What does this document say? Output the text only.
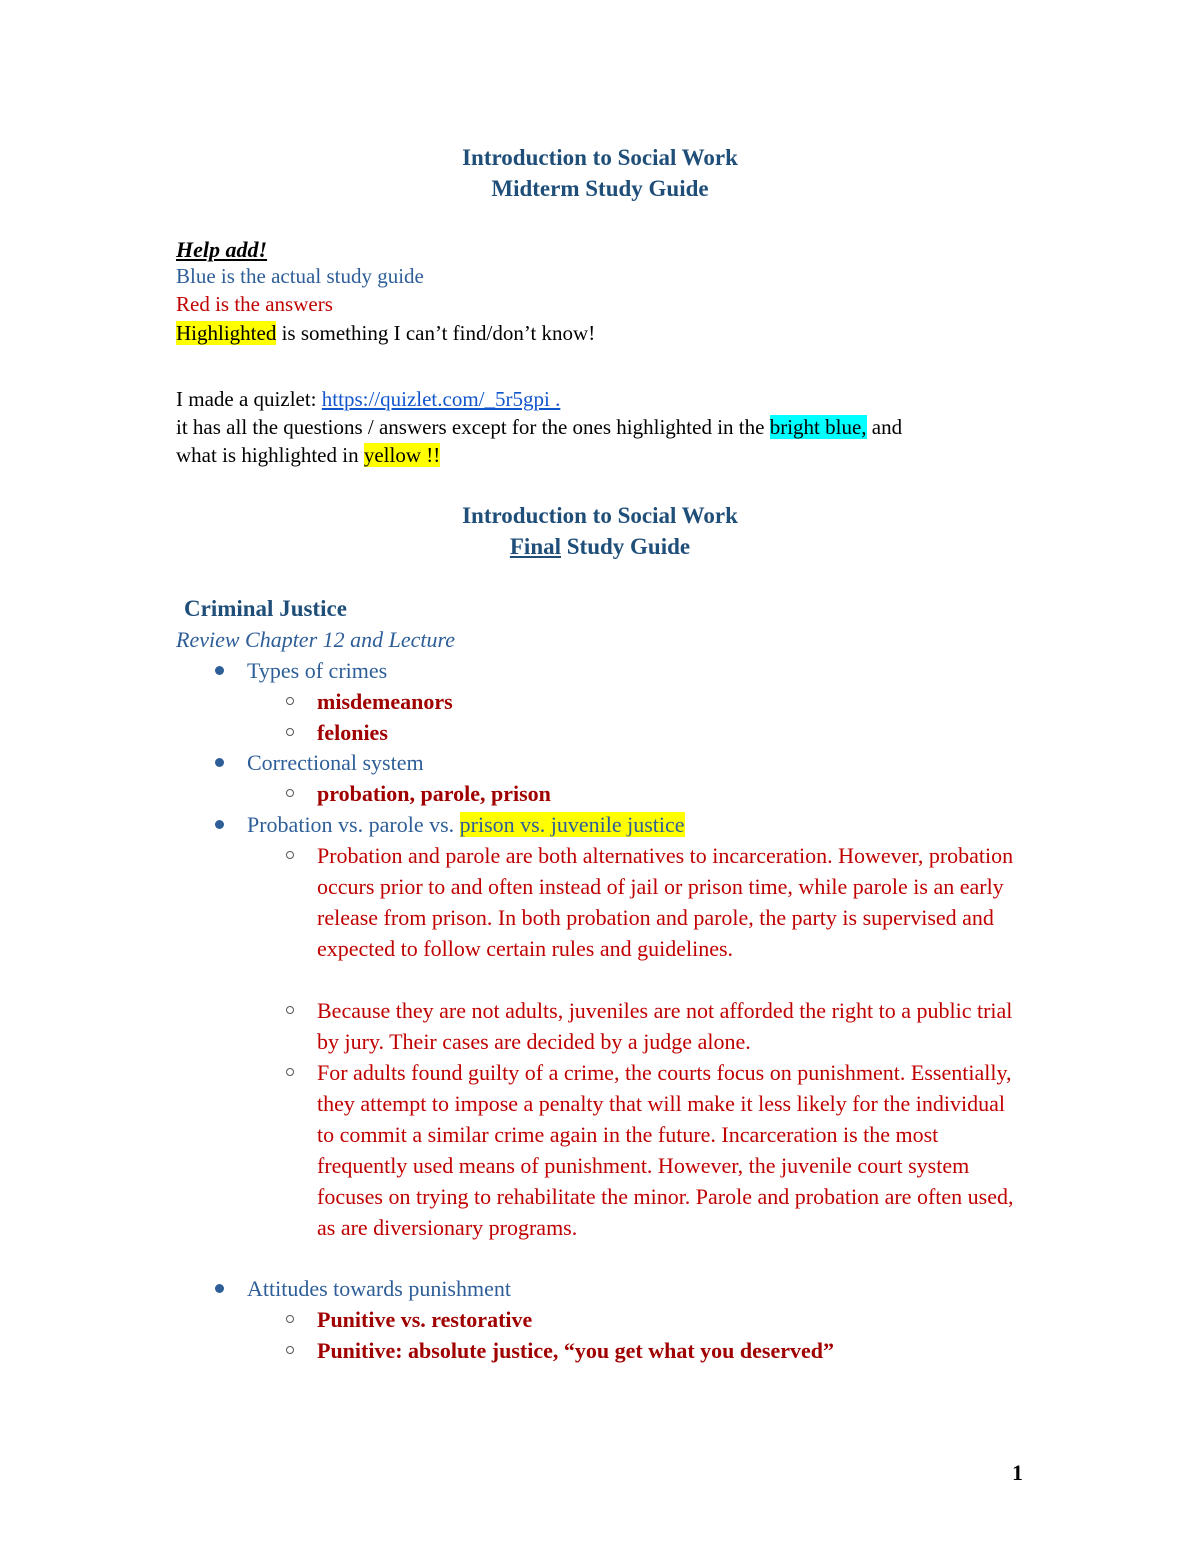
Introduction to Social Work
Midterm Study Guide
Help add!
Blue is the actual study guide
Red is the answers
Highlighted is something I can’t find/don’t know!
I made a quizlet: https://quizlet.com/_5r5gpi .
it has all the questions / answers except for the ones highlighted in the bright blue, and
what is highlighted in yellow !!
Introduction to Social Work
Final Study Guide
Criminal Justice
Review Chapter 12 and Lecture
Types of crimes
misdemeanors
felonies
Correctional system
probation, parole, prison
Probation vs. parole vs. prison vs. juvenile justice
Probation and parole are both alternatives to incarceration. However, probation occurs prior to and often instead of jail or prison time, while parole is an early release from prison. In both probation and parole, the party is supervised and expected to follow certain rules and guidelines.
Because they are not adults, juveniles are not afforded the right to a public trial by jury. Their cases are decided by a judge alone.
For adults found guilty of a crime, the courts focus on punishment. Essentially, they attempt to impose a penalty that will make it less likely for the individual to commit a similar crime again in the future. Incarceration is the most frequently used means of punishment. However, the juvenile court system focuses on trying to rehabilitate the minor. Parole and probation are often used, as are diversionary programs.
Attitudes towards punishment
Punitive vs. restorative
Punitive: absolute justice, “you get what you deserved”
1
